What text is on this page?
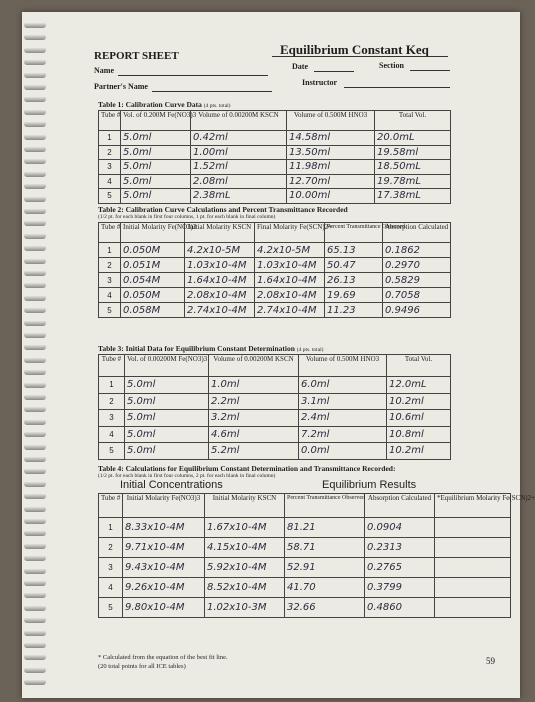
REPORT SHEET	Equilibrium Constant Keq
Name	Date	Section
Partner's Name	Instructor
Table 1: Calibration Curve Data (4 pts. total)
Tube #	Vol. of 0.200M Fe(NO3)3	Volume of 0.00200M KSCN	Volume of 0.500M HNO3	Total Vol.
1	5.0ml	0.42ml	14.58ml	20.0mL
2	5.0ml	1.00ml	13.50ml	19.58ml
3	5.0ml	1.52ml	11.98ml	18.50mL
4	5.0ml	2.08ml	12.70ml	19.78mL
5	5.0ml	2.38mL	10.00ml	17.38mL
Table 2: Calibration Curve Calculations and Percent Transmittance Recorded
(1/2 pt. for each blank in first four columns, 1 pt. for each blank in final column)
Tube #	Initial Molarity Fe(NO3)3	Initial Molarity KSCN	Final Molarity Fe(SCN)2+	Percent Transmittance Observed	Absorption Calculated
1	0.050M	4.2x10-5M	4.2x10-5M	65.13	0.1862
2	0.051M	1.03x10-4M	1.03x10-4M	50.47	0.2970
3	0.054M	1.64x10-4M	1.64x10-4M	26.13	0.5829
4	0.050M	2.08x10-4M	2.08x10-4M	19.69	0.7058
5	0.058M	2.74x10-4M	2.74x10-4M	11.23	0.9496
Table 3: Initial Data for Equilibrium Constant Determination (4 pts. total)
Tube #	Vol. of 0.00200M Fe(NO3)3	Volume of 0.00200M KSCN	Volume of 0.500M HNO3	Total Vol.
1	5.0ml	1.0ml	6.0ml	12.0mL
2	5.0ml	2.2ml	3.1ml	10.2ml
3	5.0ml	3.2ml	2.4ml	10.6ml
4	5.0ml	4.6ml	7.2ml	10.8ml
5	5.0ml	5.2ml	0.0ml	10.2ml
Table 4: Calculations for Equilibrium Constant Determination and Transmittance Recorded:
(1/2 pt. for each blank in first four columns, 2 pt. for each blank in final column)
Initial Concentrations	Equilibrium Results
Tube #	Initial Molarity Fe(NO3)3	Initial Molarity KSCN	Percent Transmittance Observed	Absorption Calculated	*Equilibrium Molarity Fe(SCN)2+
1	8.33x10-4M	1.67x10-4M	81.21	0.0904	
2	9.71x10-4M	4.15x10-4M	58.71	0.2313	
3	9.43x10-4M	5.92x10-4M	52.91	0.2765	
4	9.26x10-4M	8.52x10-4M	41.70	0.3799	
5	9.80x10-4M	1.02x10-3M	32.66	0.4860	
* Calculated from the equation of the best fit line.
(20 total points for all ICE tables)
59
